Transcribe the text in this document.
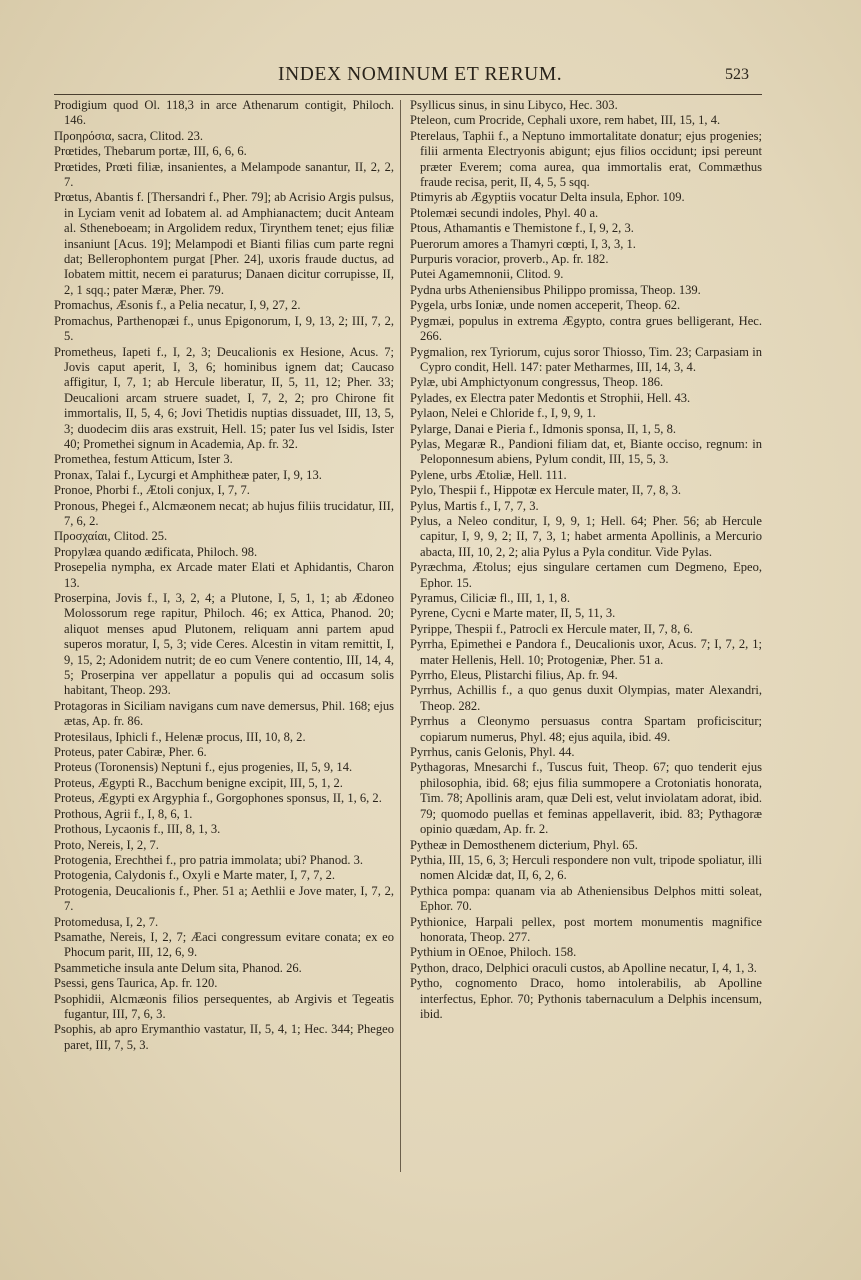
INDEX NOMINUM ET RERUM.	523

Prodigium quod Ol. 118,3 in arce Athenarum contigit, Philoch. 146.

Προηρόσια, sacra, Clitod. 23.

Prœtides, Thebarum portæ, III, 6, 6, 6.

Prœtides, Prœti filiæ, insanientes, a Melampode sanantur, II, 2, 2, 7.

Prœtus, Abantis f. [Thersandri f., Pher. 79]; ab Acrisio Argis pulsus, in Lyciam venit ad Iobatem al. ad Amphianactem; ducit Anteam al. Stheneboeam; in Argolidem redux, Tirynthem tenet; ejus filiæ insaniunt [Acus. 19]; Melampodi et Bianti filias cum parte regni dat; Bellerophontem purgat [Pher. 24], uxoris fraude ductus, ad Iobatem mittit, necem ei paraturus; Danaen dicitur corrupisse, II, 2, 1 sqq.; pater Mæræ, Pher. 79.

Promachus, Æsonis f., a Pelia necatur, I, 9, 27, 2.

Promachus, Parthenopæi f., unus Epigonorum, I, 9, 13, 2; III, 7, 2, 5.

Prometheus, Iapeti f., I, 2, 3; Deucalionis ex Hesione, Acus. 7; Jovis caput aperit, I, 3, 6; hominibus ignem dat; Caucaso affigitur, I, 7, 1; ab Hercule liberatur, II, 5, 11, 12; Pher. 33; Deucalioni arcam struere suadet, I, 7, 2, 2; pro Chirone fit immortalis, II, 5, 4, 6; Jovi Thetidis nuptias dissuadet, III, 13, 5, 3; duodecim diis aras exstruit, Hell. 15; pater Ius vel Isidis, Ister 40; Promethei signum in Academia, Ap. fr. 32.

Promethea, festum Atticum, Ister 3.

Pronax, Talai f., Lycurgi et Amphitheæ pater, I, 9, 13.

Pronoe, Phorbi f., Ætoli conjux, I, 7, 7.

Pronous, Phegei f., Alcmæonem necat; ab hujus filiis trucidatur, III, 7, 6, 2.

Προσχαίαι, Clitod. 25.

Propylæa quando ædificata, Philoch. 98.

Prosepelia nympha, ex Arcade mater Elati et Aphidantis, Charon 13.

Proserpina, Jovis f., I, 3, 2, 4; a Plutone, I, 5, 1, 1; ab Ædoneo Molossorum rege rapitur, Philoch. 46; ex Attica, Phanod. 20; aliquot menses apud Plutonem, reliquam anni partem apud superos moratur, I, 5, 3; vide Ceres. Alcestin in vitam remittit, I, 9, 15, 2; Adonidem nutrit; de eo cum Venere contentio, III, 14, 4, 5; Proserpina ver appellatur a populis qui ad occasum solis habitant, Theop. 293.

Protagoras in Siciliam navigans cum nave demersus, Phil. 168; ejus ætas, Ap. fr. 86.

Protesilaus, Iphicli f., Helenæ procus, III, 10, 8, 2.

Proteus, pater Cabiræ, Pher. 6.

Proteus (Toronensis) Neptuni f., ejus progenies, II, 5, 9, 14.

Proteus, Ægypti R., Bacchum benigne excipit, III, 5, 1, 2.

Proteus, Ægypti ex Argyphia f., Gorgophones sponsus, II, 1, 6, 2.

Prothous, Agrii f., I, 8, 6, 1.

Prothous, Lycaonis f., III, 8, 1, 3.

Proto, Nereis, I, 2, 7.

Protogenia, Erechthei f., pro patria immolata; ubi? Phanod. 3.

Protogenia, Calydonis f., Oxyli e Marte mater, I, 7, 7, 2.

Protogenia, Deucalionis f., Pher. 51 a; Aethlii e Jove mater, I, 7, 2, 7.

Protomedusa, I, 2, 7.

Psamathe, Nereis, I, 2, 7; Æaci congressum evitare conata; ex eo Phocum parit, III, 12, 6, 9.

Psammetiche insula ante Delum sita, Phanod. 26.

Psessi, gens Taurica, Ap. fr. 120.

Psophidii, Alcmæonis filios persequentes, ab Argivis et Tegeatis fugantur, III, 7, 6, 3.

Psophis, ab apro Erymanthio vastatur, II, 5, 4, 1; Hec. 344; Phegeo paret, III, 7, 5, 3.

Psyllicus sinus, in sinu Libyco, Hec. 303.

Pteleon, cum Procride, Cephali uxore, rem habet, III, 15, 1, 4.

Pterelaus, Taphii f., a Neptuno immortalitate donatur; ejus progenies; filii armenta Electryonis abigunt; ejus filios occidunt; ipsi pereunt præter Everem; coma aurea, qua immortalis erat, Commæthus fraude recisa, perit, II, 4, 5, 5 sqq.

Ptimyris ab Ægyptiis vocatur Delta insula, Ephor. 109.

Ptolemæi secundi indoles, Phyl. 40 a.

Ptous, Athamantis e Themistone f., I, 9, 2, 3.

Puerorum amores a Thamyri cœpti, I, 3, 3, 1.

Purpuris voracior, proverb., Ap. fr. 182.

Putei Agamemnonii, Clitod. 9.

Pydna urbs Atheniensibus Philippo promissa, Theop. 139.

Pygela, urbs Ioniæ, unde nomen acceperit, Theop. 62.

Pygmæi, populus in extrema Ægypto, contra grues belligerant, Hec. 266.

Pygmalion, rex Tyriorum, cujus soror Thiosso, Tim. 23; Carpasiam in Cypro condit, Hell. 147: pater Metharmes, III, 14, 3, 4.

Pylæ, ubi Amphictyonum congressus, Theop. 186.

Pylades, ex Electra pater Medontis et Strophii, Hell. 43.

Pylaon, Nelei e Chloride f., I, 9, 9, 1.

Pylarge, Danai e Pieria f., Idmonis sponsa, II, 1, 5, 8.

Pylas, Megaræ R., Pandioni filiam dat, et, Biante occiso, regnum: in Peloponnesum abiens, Pylum condit, III, 15, 5, 3.

Pylene, urbs Ætoliæ, Hell. 111.

Pylo, Thespii f., Hippotæ ex Hercule mater, II, 7, 8, 3.

Pylus, Martis f., I, 7, 7, 3.

Pylus, a Neleo conditur, I, 9, 9, 1; Hell. 64; Pher. 56; ab Hercule capitur, I, 9, 9, 2; II, 7, 3, 1; habet armenta Apollinis, a Mercurio abacta, III, 10, 2, 2; alia Pylus a Pyla conditur. Vide Pylas.

Pyræchma, Ætolus; ejus singulare certamen cum Degmeno, Epeo, Ephor. 15.

Pyramus, Ciliciæ fl., III, 1, 1, 8.

Pyrene, Cycni e Marte mater, II, 5, 11, 3.

Pyrippe, Thespii f., Patrocli ex Hercule mater, II, 7, 8, 6.

Pyrrha, Epimethei e Pandora f., Deucalionis uxor, Acus. 7; I, 7, 2, 1; mater Hellenis, Hell. 10; Protogeniæ, Pher. 51 a.

Pyrrho, Eleus, Plistarchi filius, Ap. fr. 94.

Pyrrhus, Achillis f., a quo genus duxit Olympias, mater Alexandri, Theop. 282.

Pyrrhus a Cleonymo persuasus contra Spartam proficiscitur; copiarum numerus, Phyl. 48; ejus aquila, ibid. 49.

Pyrrhus, canis Gelonis, Phyl. 44.

Pythagoras, Mnesarchi f., Tuscus fuit, Theop. 67; quo tenderit ejus philosophia, ibid. 68; ejus filia summopere a Crotoniatis honorata, Tim. 78; Apollinis aram, quæ Deli est, velut inviolatam adorat, ibid. 79; quomodo puellas et feminas appellaverit, ibid. 83; Pythagoræ opinio quædam, Ap. fr. 2.

Pytheæ in Demosthenem dicterium, Phyl. 65.

Pythia, III, 15, 6, 3; Herculi respondere non vult, tripode spoliatur, illi nomen Alcidæ dat, II, 6, 2, 6.

Pythica pompa: quanam via ab Atheniensibus Delphos mitti soleat, Ephor. 70.

Pythionice, Harpali pellex, post mortem monumentis magnifice honorata, Theop. 277.

Pythium in OEnoe, Philoch. 158.

Python, draco, Delphici oraculi custos, ab Apolline necatur, I, 4, 1, 3.

Pytho, cognomento Draco, homo intolerabilis, ab Apolline interfectus, Ephor. 70; Pythonis tabernaculum a Delphis incensum, ibid.
